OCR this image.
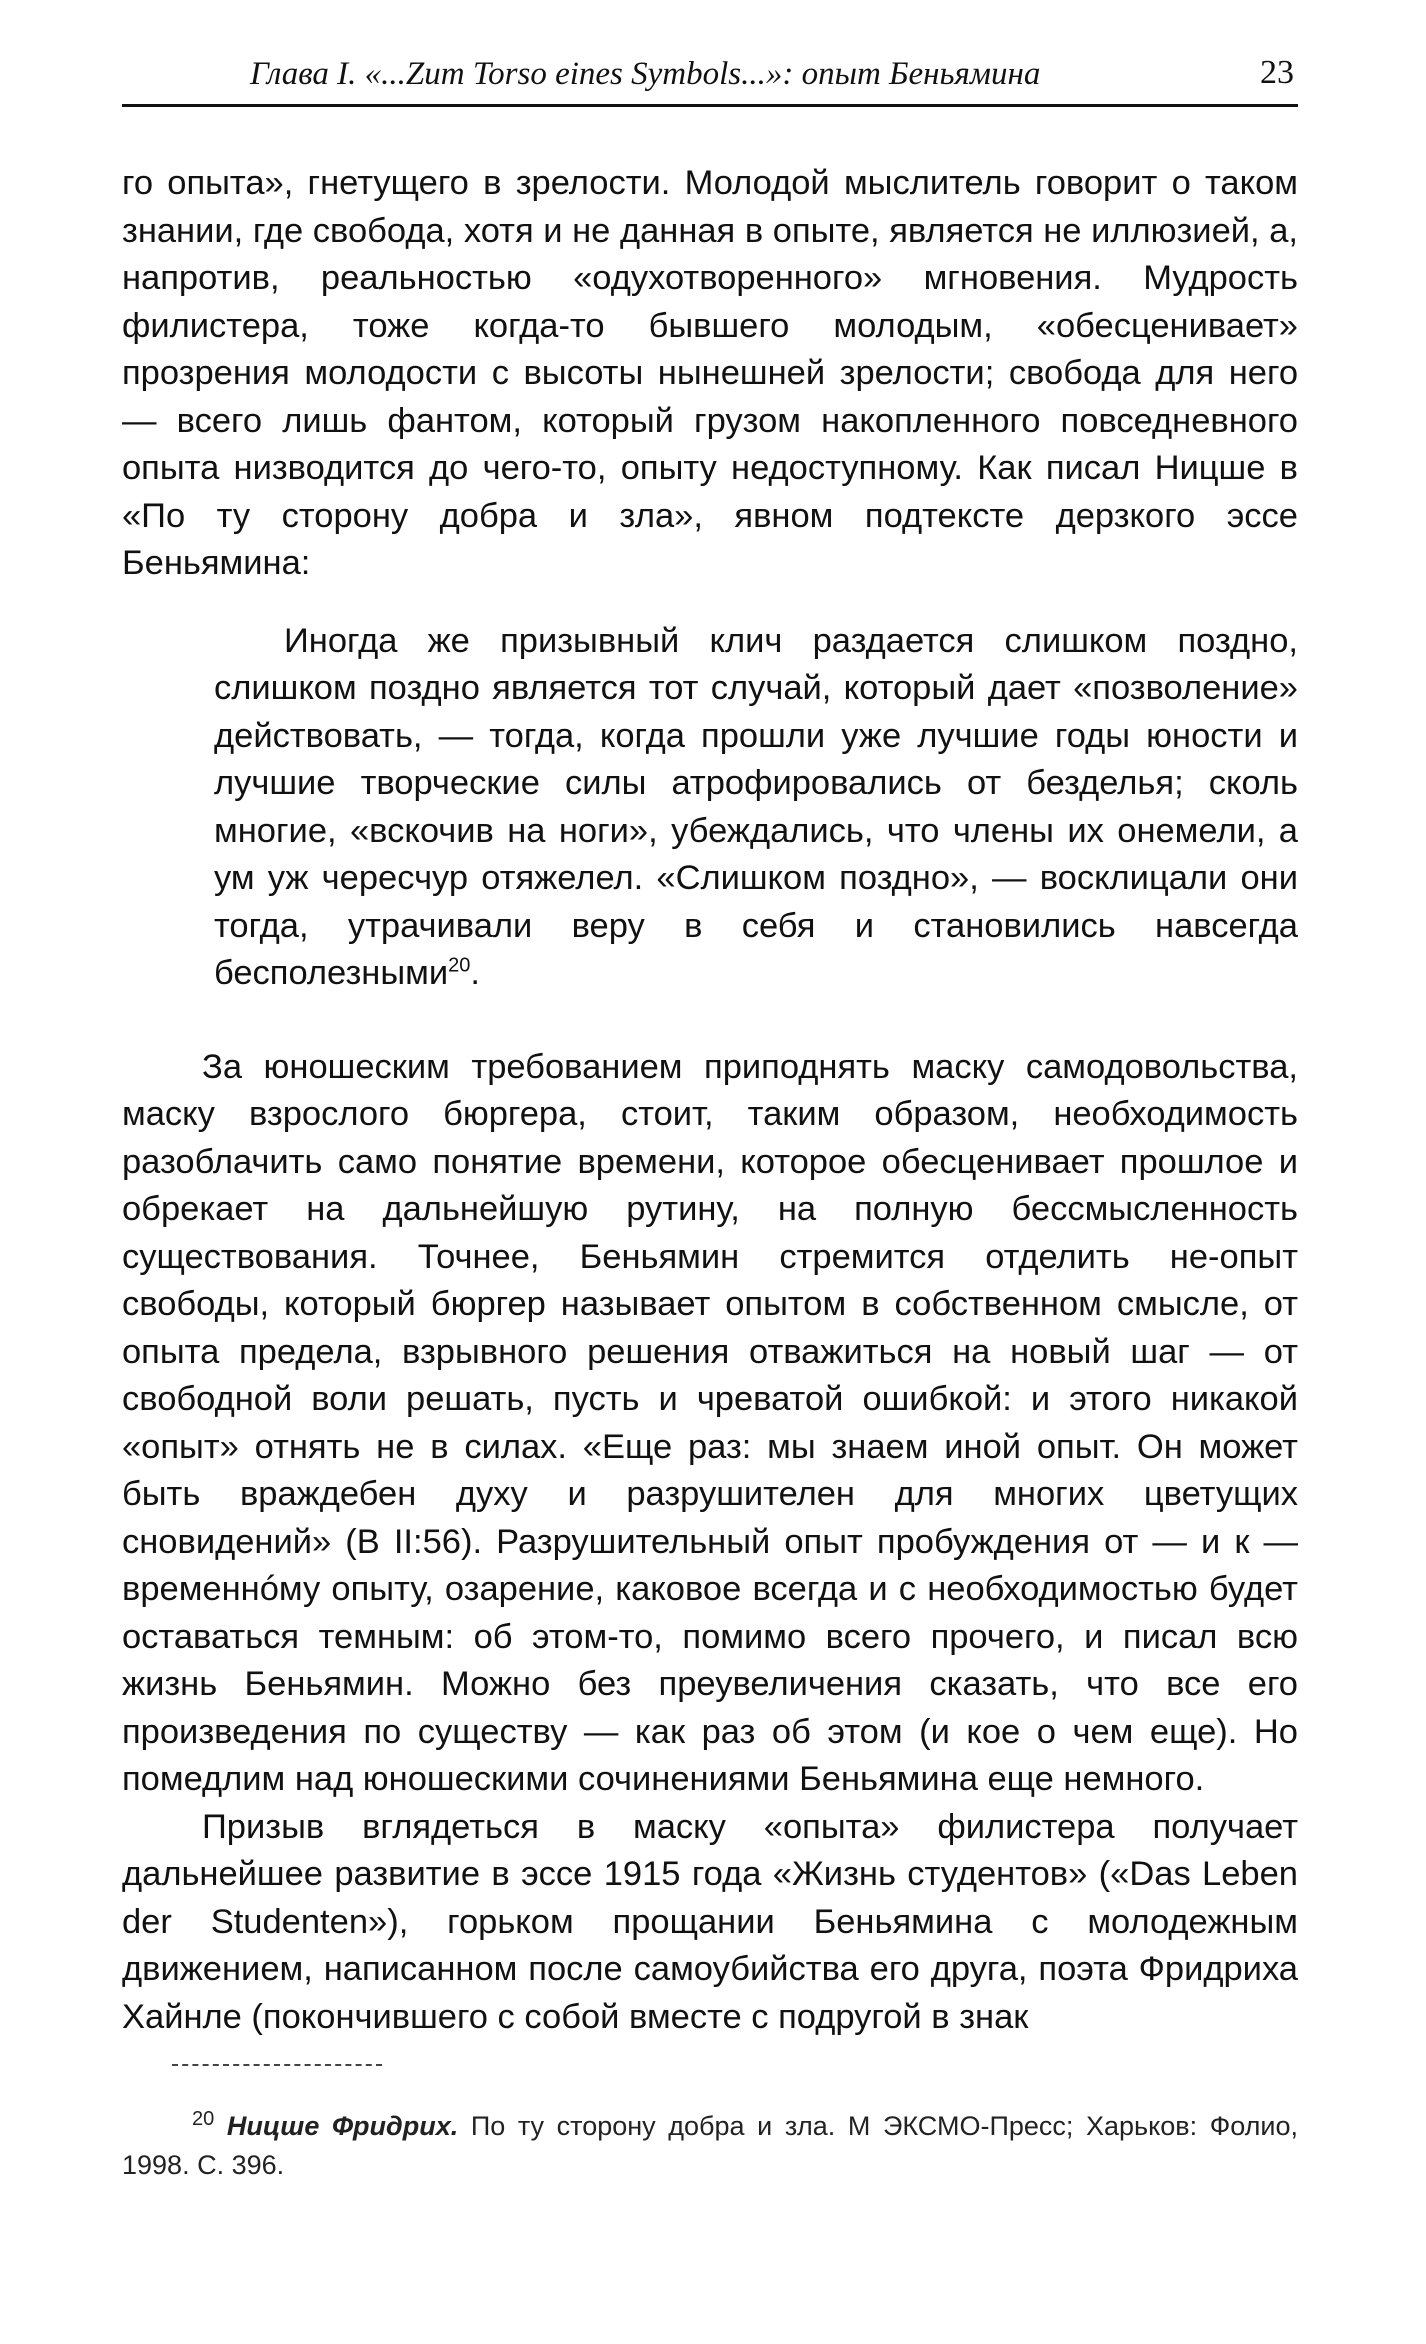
Глава I. «...Zum Torso eines Symbols...»: опыт Беньямина	23

го опыта», гнетущего в зрелости. Молодой мыслитель говорит о таком знании, где свобода, хотя и не данная в опыте, является не иллюзией, а, напротив, реальностью «одухотворенного» мгновения. Мудрость филистера, тоже когда-то бывшего молодым, «обесценивает» прозрения молодости с высоты нынешней зрелости; свобода для него — всего лишь фантом, который грузом накопленного повседневного опыта низводится до чего-то, опыту недоступному. Как писал Ницше в «По ту сторону добра и зла», явном подтексте дерзкого эссе Беньямина:

Иногда же призывный клич раздается слишком поздно, слишком поздно является тот случай, который дает «позволение» действовать, — тогда, когда прошли уже лучшие годы юности и лучшие творческие силы атрофировались от безделья; сколь многие, «вскочив на ноги», убеждались, что члены их онемели, а ум уж чересчур отяжелел. «Слишком поздно», — восклицали они тогда, утрачивали веру в себя и становились навсегда бесполезными$^{20}$.

За юношеским требованием приподнять маску самодовольства, маску взрослого бюргера, стоит, таким образом, необходимость разоблачить само понятие времени, которое обесценивает прошлое и обрекает на дальнейшую рутину, на полную бессмысленность существования. Точнее, Беньямин стремится отделить не-опыт свободы, который бюргер называет опытом в собственном смысле, от опыта предела, взрывного решения отважиться на новый шаг — от свободной воли решать, пусть и чреватой ошибкой: и этого никакой «опыт» отнять не в силах. «Еще раз: мы знаем иной опыт. Он может быть враждебен духу и разрушителен для многих цветущих сновидений» (B II:56). Разрушительный опыт пробуждения от — и к — временнóму опыту, озарение, каковое всегда и с необходимостью будет оставаться темным: об этом-то, помимо всего прочего, и писал всю жизнь Беньямин. Можно без преувеличения сказать, что все его произведения по существу — как раз об этом (и кое о чем еще). Но помедлим над юношескими сочинениями Беньямина еще немного.

Призыв вглядеться в маску «опыта» филистера получает дальнейшее развитие в эссе 1915 года «Жизнь студентов» («Das Leben der Studenten»), горьком прощании Беньямина с молодежным движением, написанном после самоубийства его друга, поэта Фридриха Хайнле (покончившего с собой вместе с подругой в знак

$^{20}$ Ницше Фридрих. По ту сторону добра и зла. М ЭКСМО-Пресс; Харьков: Фолио, 1998. С. 396.
